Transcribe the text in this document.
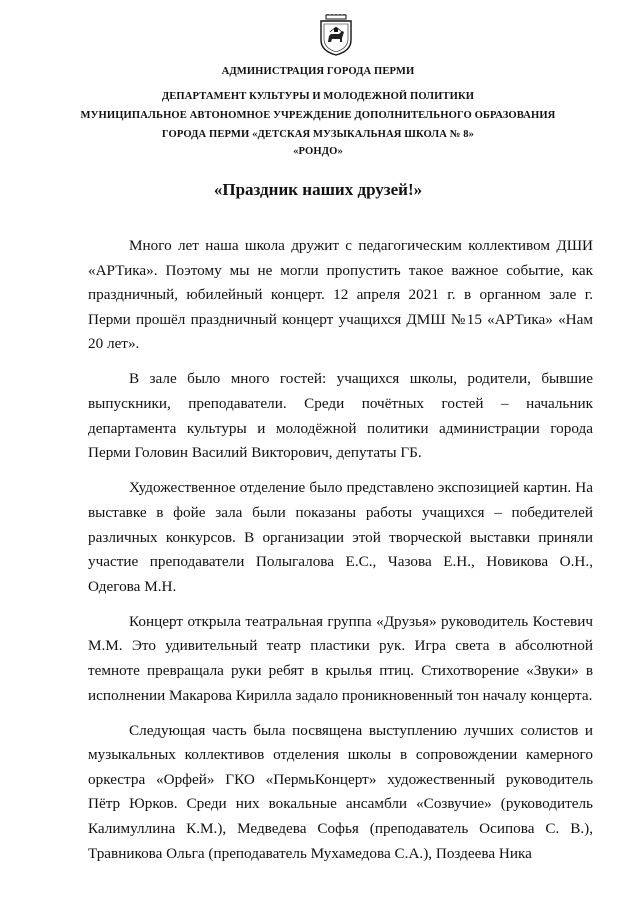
АДМИНИСТРАЦИЯ ГОРОДА ПЕРМИ
ДЕПАРТАМЕНТ КУЛЬТУРЫ И МОЛОДЕЖНОЙ ПОЛИТИКИ
МУНИЦИПАЛЬНОЕ АВТОНОМНОЕ УЧРЕЖДЕНИЕ ДОПОЛНИТЕЛЬНОГО ОБРАЗОВАНИЯ
ГОРОДА ПЕРМИ «ДЕТСКАЯ МУЗЫКАЛЬНАЯ ШКОЛА № 8»
«РОНДО»
«Праздник наших друзей!»

Много лет наша школа дружит с педагогическим коллективом ДШИ «АРТика». Поэтому мы не могли пропустить такое важное событие, как праздничный, юбилейный концерт. 12 апреля 2021 г. в органном зале г. Перми прошёл праздничный концерт учащихся ДМШ №15 «АРТика» «Нам 20 лет».

В зале было много гостей: учащихся школы, родители, бывшие выпускники, преподаватели. Среди почётных гостей – начальник департамента культуры и молодёжной политики администрации города Перми Головин Василий Викторович, депутаты ГБ.

Художественное отделение было представлено экспозицией картин. На выставке в фойе зала были показаны работы учащихся – победителей различных конкурсов. В организации этой творческой выставки приняли участие преподаватели Полыгалова Е.С., Чазова Е.Н., Новикова О.Н., Одегова М.Н.

Концерт открыла театральная группа «Друзья» руководитель Костевич М.М. Это удивительный театр пластики рук. Игра света в абсолютной темноте превращала руки ребят в крылья птиц. Стихотворение «Звуки» в исполнении Макарова Кирилла задало проникновенный тон началу концерта.

Следующая часть была посвящена выступлению лучших солистов и музыкальных коллективов отделения школы в сопровождении камерного оркестра «Орфей» ГКО «ПермьКонцерт» художественный руководитель Пётр Юрков. Среди них вокальные ансамбли «Созвучие» (руководитель Калимуллина К.М.), Медведева Софья (преподаватель Осипова С. В.), Травникова Ольга (преподаватель Мухамедова С.А.), Поздеева Ника
